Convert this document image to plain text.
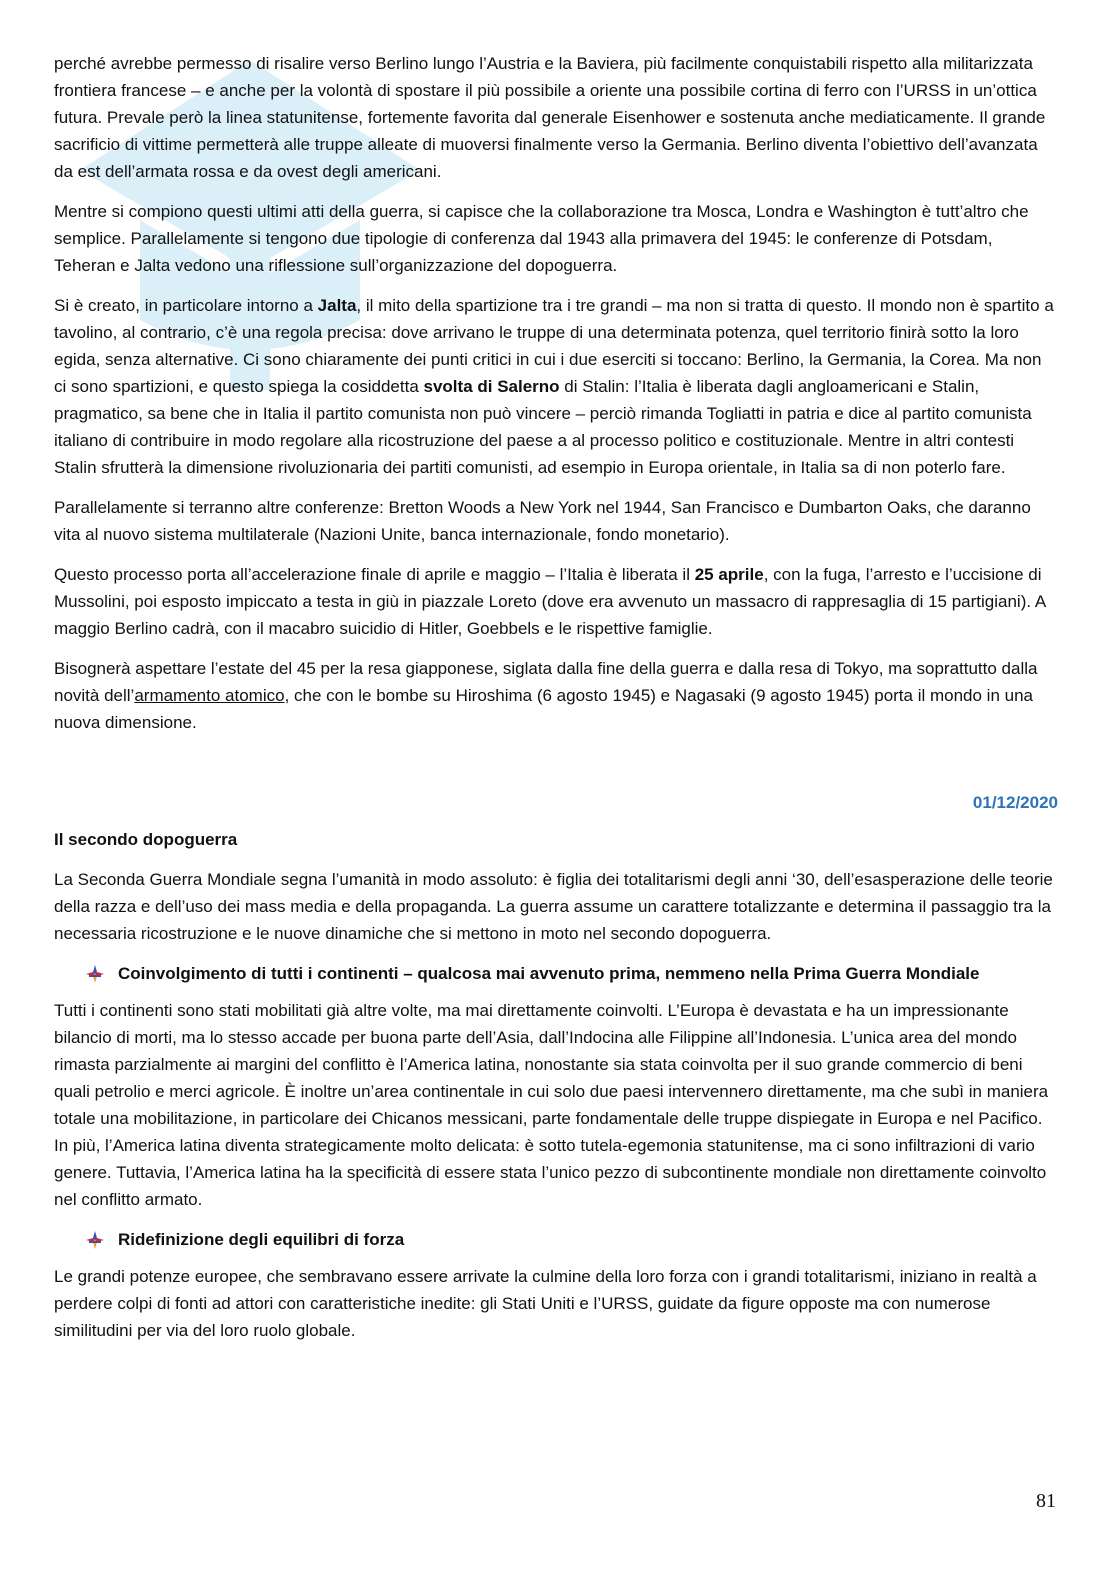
perché avrebbe permesso di risalire verso Berlino lungo l’Austria e la Baviera, più facilmente conquistabili rispetto alla militarizzata frontiera francese – e anche per la volontà di spostare il più possibile a oriente una possibile cortina di ferro con l’URSS in un’ottica futura. Prevale però la linea statunitense, fortemente favorita dal generale Eisenhower e sostenuta anche mediaticamente. Il grande sacrificio di vittime permetterà alle truppe alleate di muoversi finalmente verso la Germania. Berlino diventa l’obiettivo dell’avanzata da est dell’armata rossa e da ovest degli americani.

Mentre si compiono questi ultimi atti della guerra, si capisce che la collaborazione tra Mosca, Londra e Washington è tutt’altro che semplice. Parallelamente si tengono due tipologie di conferenza dal 1943 alla primavera del 1945: le conferenze di Potsdam, Teheran e Jalta vedono una riflessione sull’organizzazione del dopoguerra.

Si è creato, in particolare intorno a Jalta, il mito della spartizione tra i tre grandi – ma non si tratta di questo. Il mondo non è spartito a tavolino, al contrario, c’è una regola precisa: dove arrivano le truppe di una determinata potenza, quel territorio finirà sotto la loro egida, senza alternative. Ci sono chiaramente dei punti critici in cui i due eserciti si toccano: Berlino, la Germania, la Corea. Ma non ci sono spartizioni, e questo spiega la cosiddetta svolta di Salerno di Stalin: l’Italia è liberata dagli angloamericani e Stalin, pragmatico, sa bene che in Italia il partito comunista non può vincere – perciò rimanda Togliatti in patria e dice al partito comunista italiano di contribuire in modo regolare alla ricostruzione del paese a al processo politico e costituzionale. Mentre in altri contesti Stalin sfrutterà la dimensione rivoluzionaria dei partiti comunisti, ad esempio in Europa orientale, in Italia sa di non poterlo fare.

Parallelamente si terranno altre conferenze: Bretton Woods a New York nel 1944, San Francisco e Dumbarton Oaks, che daranno vita al nuovo sistema multilaterale (Nazioni Unite, banca internazionale, fondo monetario).

Questo processo porta all’accelerazione finale di aprile e maggio – l’Italia è liberata il 25 aprile, con la fuga, l’arresto e l’uccisione di Mussolini, poi esposto impiccato a testa in giù in piazzale Loreto (dove era avvenuto un massacro di rappresaglia di 15 partigiani). A maggio Berlino cadrà, con il macabro suicidio di Hitler, Goebbels e le rispettive famiglie.

Bisognerà aspettare l’estate del 45 per la resa giapponese, siglata dalla fine della guerra e dalla resa di Tokyo, ma soprattutto dalla novità dell’armamento atomico, che con le bombe su Hiroshima (6 agosto 1945) e Nagasaki (9 agosto 1945) porta il mondo in una nuova dimensione.

01/12/2020
Il secondo dopoguerra

La Seconda Guerra Mondiale segna l’umanità in modo assoluto: è figlia dei totalitarismi degli anni ‘30, dell’esasperazione delle teorie della razza e dell’uso dei mass media e della propaganda. La guerra assume un carattere totalizzante e determina il passaggio tra la necessaria ricostruzione e le nuove dinamiche che si mettono in moto nel secondo dopoguerra.

Coinvolgimento di tutti i continenti – qualcosa mai avvenuto prima, nemmeno nella Prima Guerra Mondiale

Tutti i continenti sono stati mobilitati già altre volte, ma mai direttamente coinvolti. L’Europa è devastata e ha un impressionante bilancio di morti, ma lo stesso accade per buona parte dell’Asia, dall’Indocina alle Filippine all’Indonesia. L’unica area del mondo rimasta parzialmente ai margini del conflitto è l’America latina, nonostante sia stata coinvolta per il suo grande commercio di beni quali petrolio e merci agricole. È inoltre un’area continentale in cui solo due paesi intervennero direttamente, ma che subì in maniera totale una mobilitazione, in particolare dei Chicanos messicani, parte fondamentale delle truppe dispiegate in Europa e nel Pacifico. In più, l’America latina diventa strategicamente molto delicata: è sotto tutela-egemonia statunitense, ma ci sono infiltrazioni di vario genere. Tuttavia, l’America latina ha la specificità di essere stata l’unico pezzo di subcontinente mondiale non direttamente coinvolto nel conflitto armato.

Ridefinizione degli equilibri di forza

Le grandi potenze europee, che sembravano essere arrivate la culmine della loro forza con i grandi totalitarismi, iniziano in realtà a perdere colpi di fonti ad attori con caratteristiche inedite: gli Stati Uniti e l’URSS, guidate da figure opposte ma con numerose similitudini per via del loro ruolo globale.

81
